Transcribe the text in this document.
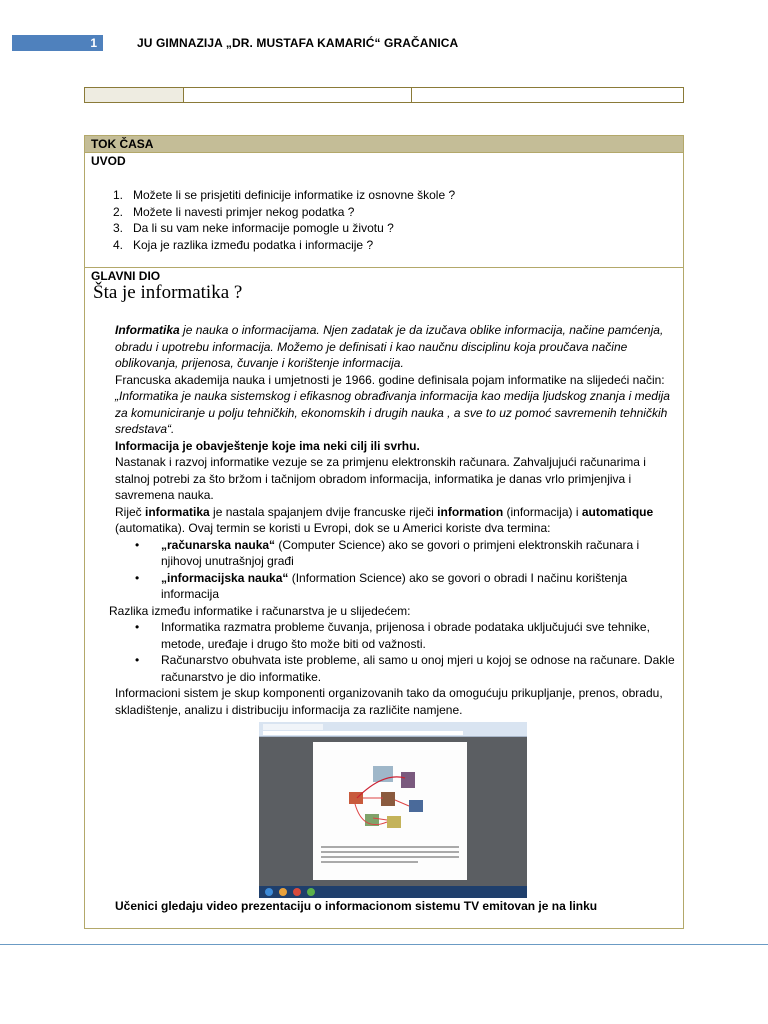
1	JU GIMNAZIJA „DR. MUSTAFA KAMARIĆ“ GRAČANICA
TOK ČASA
UVOD
1. Možete li se prisjetiti definicije informatike iz osnovne škole ?
2. Možete li navesti primjer nekog podatka ?
3. Da li su vam neke informacije pomogle u životu ?
4. Koja je razlika između podatka i informacije ?
GLAVNI DIO
Šta je informatika ?

Informatika je nauka o informacijama. Njen zadatak je da izučava oblike informacija, načine pamćenja, obradu i upotrebu informacija. Možemo je definisati i kao naučnu disciplinu koja proučava načine oblikovanja, prijenosa, čuvanje i korištenje informacija.

Francuska akademija nauka i umjetnosti je 1966. godine definisala pojam informatike na slijedeći način:

„Informatika je nauka sistemskog i efikasnog obrađivanja informacija kao medija ljudskog znanja i medija za komuniciranje u polju tehničkih, ekonomskih i drugih nauka , a sve to uz pomoć savremenih tehničkih sredstava“.

Informacija je obavještenje koje ima neki cilj ili svrhu.

Nastanak i razvoj informatike vezuje se za primjenu elektronskih računara. Zahvaljujući računarima i stalnoj potrebi za što bržom i tačnijom obradom informacija, informatika je danas vrlo primjenjiva i savremena nauka.

Riječ informatika je nastala spajanjem dvije francuske riječi information (informacija) i automatique (automatika). Ovaj termin se koristi u Evropi, dok se u Americi koriste dva termina:

• „računarska nauka“ (Computer Science) ako se govori o primjeni elektronskih računara i njihovoj unutrašnjoj građi
• „informacijska nauka“ (Information Science) ako se govori o obradi I načinu korištenja informacija

Razlika između informatike i računarstva je u slijedećem:

• Informatika razmatra probleme čuvanja, prijenosa i obrade podataka uključujući sve tehnike, metode, uređaje i drugo što može biti od važnosti.
• Računarstvo obuhvata iste probleme, ali samo u onoj mjeri u kojoj se odnose na računare. Dakle računarstvo je dio informatike.

Informacioni sistem je skup komponenti organizovanih tako da omogućuju prikupljanje, prenos, obradu, skladištenje, analizu i distribuciju informacija za različite namjene.

Učenici gledaju video prezentaciju o informacionom sistemu TV emitovan je na linku
